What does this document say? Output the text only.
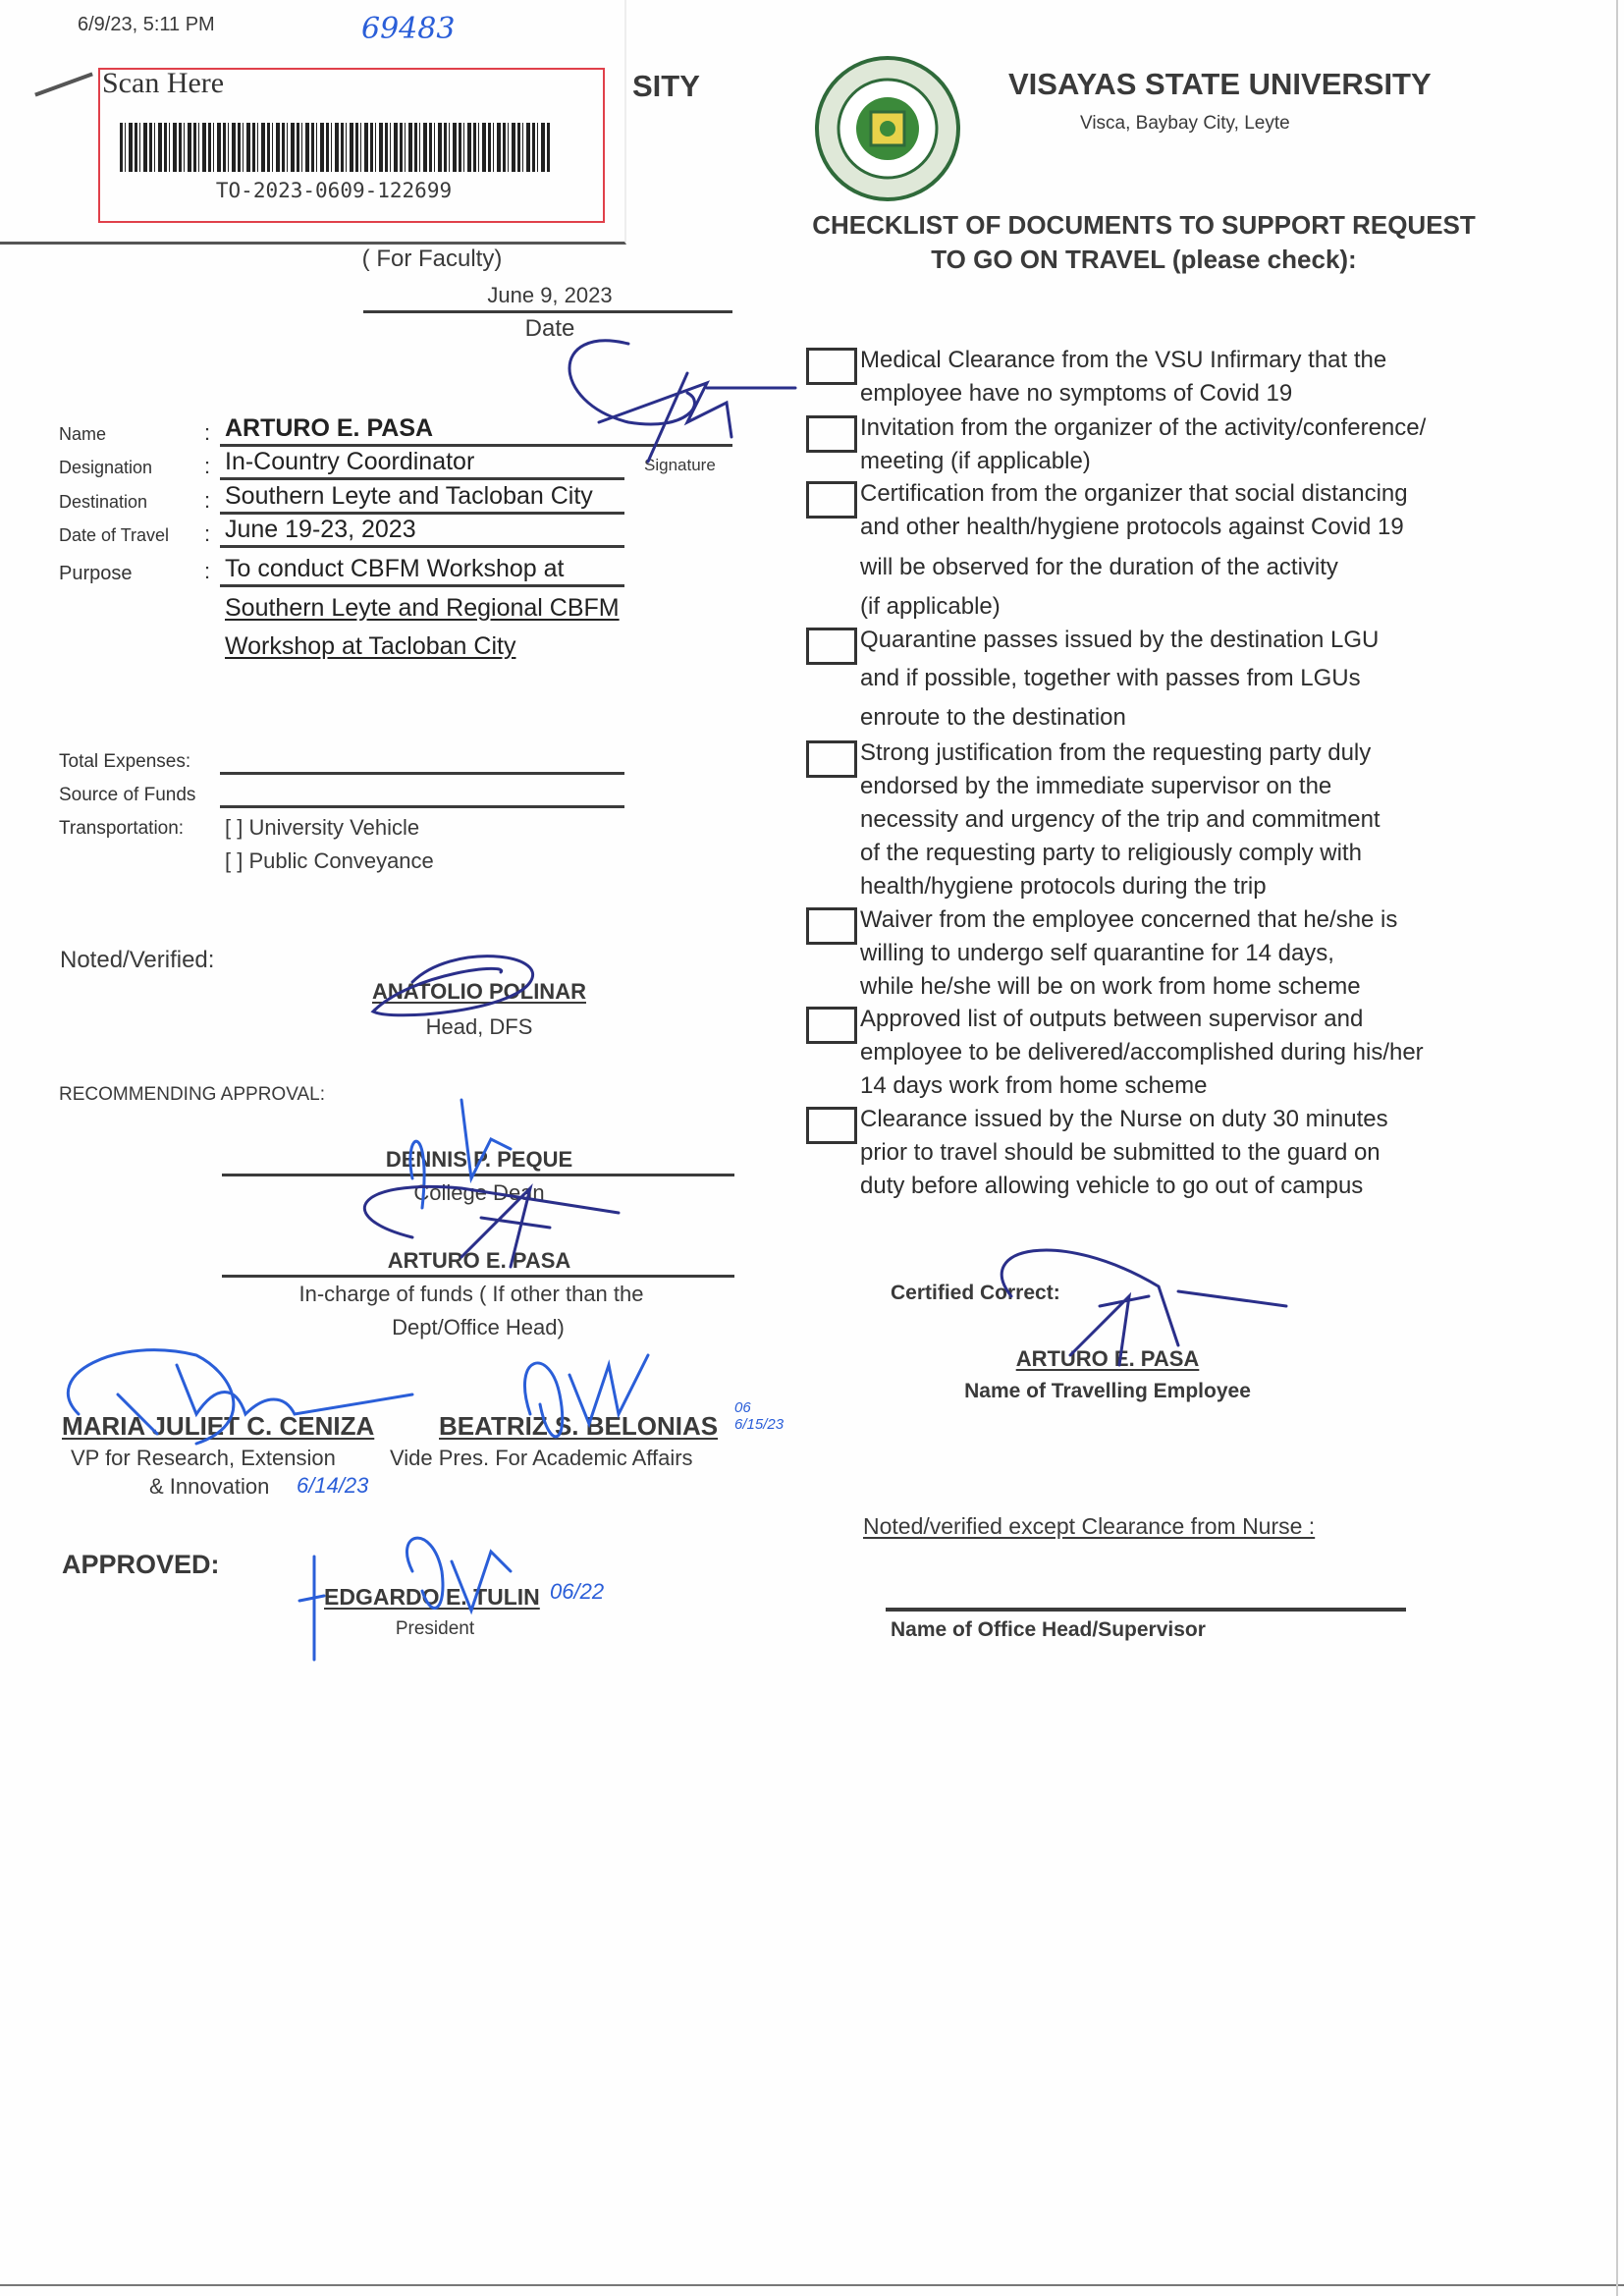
6/9/23, 5:11 PM	69483
Scan Here
TO-2023-0609-122699
SITY	VISAYAS STATE UNIVERSITY
Visca, Baybay City, Leyte
CHECKLIST OF DOCUMENTS TO SUPPORT REQUEST
TO GO ON TRAVEL (please check):
( For Faculty)
June 9, 2023
Date
Signature
Name	: ARTURO E. PASA
Designation : In-Country Coordinator
Destination	: Southern Leyte and Tacloban City
Date of Travel : June 19-23, 2023
Purpose	: To conduct CBFM Workshop at
Southern Leyte and Regional CBFM
Workshop at Tacloban City
Total Expenses:
Source of Funds
Transportation: [ ] University Vehicle
[ ] Public Conveyance
Noted/Verified:
ANATOLIO POLINAR
Head, DFS
RECOMMENDING APPROVAL:
DENNIS P. PEQUE
College Dean
ARTURO E. PASA
In-charge of funds ( If other than the
Dept/Office Head)
MARIA JULIET C. CENIZA
VP for Research, Extension
& Innovation 6/14/23
BEATRIZ S. BELONIAS
Vide Pres. For Academic Affairs
06 6/15/23
APPROVED:
EDGARDO E. TULIN 06/22
President
Medical Clearance from the VSU Infirmary that the
employee have no symptoms of Covid 19
Invitation from the organizer of the activity/conference/
meeting (if applicable)
Certification from the organizer that social distancing
and other health/hygiene protocols against Covid 19
will be observed for the duration of the activity
(if applicable)
Quarantine passes issued by the destination LGU
and if possible, together with passes from LGUs
enroute to the destination
Strong justification from the requesting party duly
endorsed by the immediate supervisor on the
necessity and urgency of the trip and commitment
of the requesting party to religiously comply with
health/hygiene protocols during the trip
Waiver from the employee concerned that he/she is
willing to undergo self quarantine for 14 days,
while he/she will be on work from home scheme
Approved list of outputs between supervisor and
employee to be delivered/accomplished during his/her
14 days work from home scheme
Clearance issued by the Nurse on duty 30 minutes
prior to travel should be submitted to the guard on
duty before allowing vehicle to go out of campus
Certified Correct:
ARTURO E. PASA
Name of Travelling Employee
Noted/verified except Clearance from Nurse :
Name of Office Head/Supervisor
